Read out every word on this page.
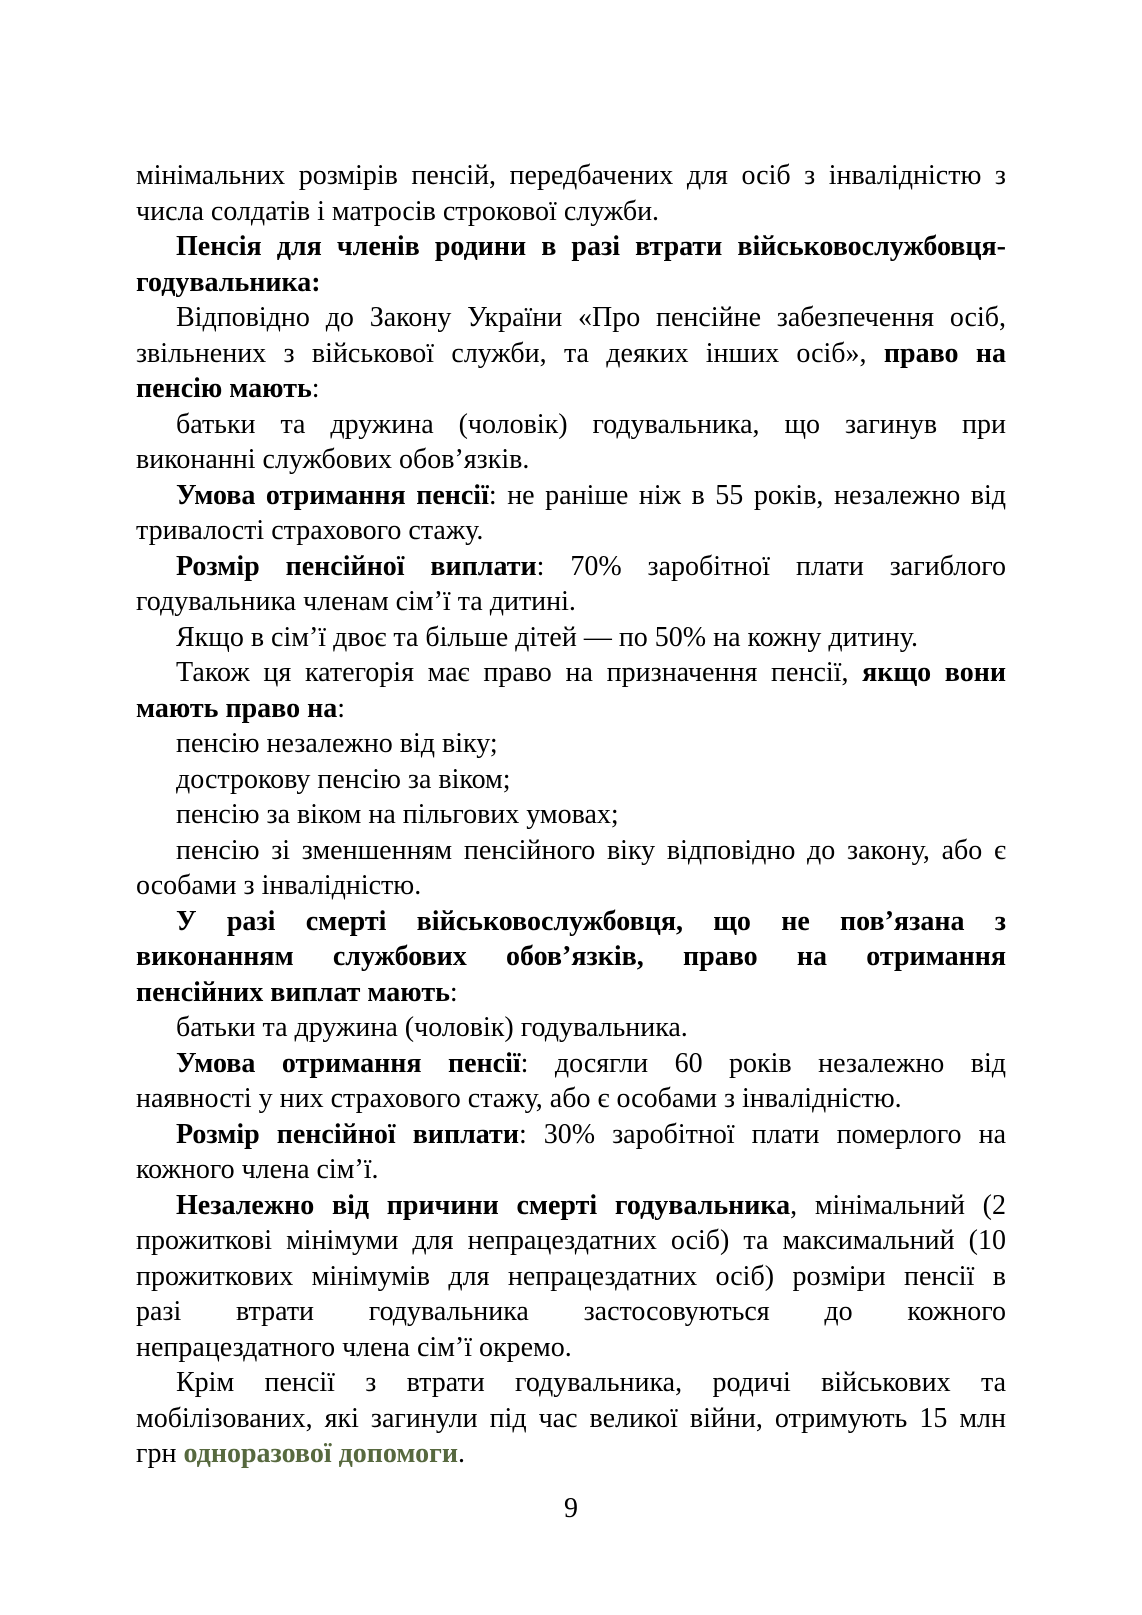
мінімальних розмірів пенсій, передбачених для осіб з інвалідністю з
числа солдатів і матросів строкової служби.
Пенсія для членів родини в разі втрати військовослужбовця-
годувальника:
Відповідно до Закону України «Про пенсійне забезпечення осіб,
звільнених з військової служби, та деяких інших осіб», право на
пенсію мають:
батьки та дружина (чоловік) годувальника, що загинув при
виконанні службових обов’язків.
Умова отримання пенсії: не раніше ніж в 55 років, незалежно від
тривалості страхового стажу.
Розмір пенсійної виплати: 70% заробітної плати загиблого
годувальника членам сім’ї та дитині.
Якщо в сім’ї двоє та більше дітей — по 50% на кожну дитину.
Також ця категорія має право на призначення пенсії, якщо вони
мають право на:
пенсію незалежно від віку;
дострокову пенсію за віком;
пенсію за віком на пільгових умовах;
пенсію зі зменшенням пенсійного віку відповідно до закону, або є
особами з інвалідністю.
У разі смерті військовослужбовця, що не пов’язана з
виконанням службових обов’язків, право на отримання
пенсійних виплат мають:
батьки та дружина (чоловік) годувальника.
Умова отримання пенсії: досягли 60 років незалежно від
наявності у них страхового стажу, або є особами з інвалідністю.
Розмір пенсійної виплати: 30% заробітної плати померлого на
кожного члена сім’ї.
Незалежно від причини смерті годувальника, мінімальний (2
прожиткові мінімуми для непрацездатних осіб) та максимальний (10
прожиткових мінімумів для непрацездатних осіб) розміри пенсії в
разі втрати годувальника застосовуються до кожного
непрацездатного члена сім’ї окремо.
Крім пенсії з втрати годувальника, родичі військових та
мобілізованих, які загинули під час великої війни, отримують 15 млн
грн одноразової допомоги.
9
